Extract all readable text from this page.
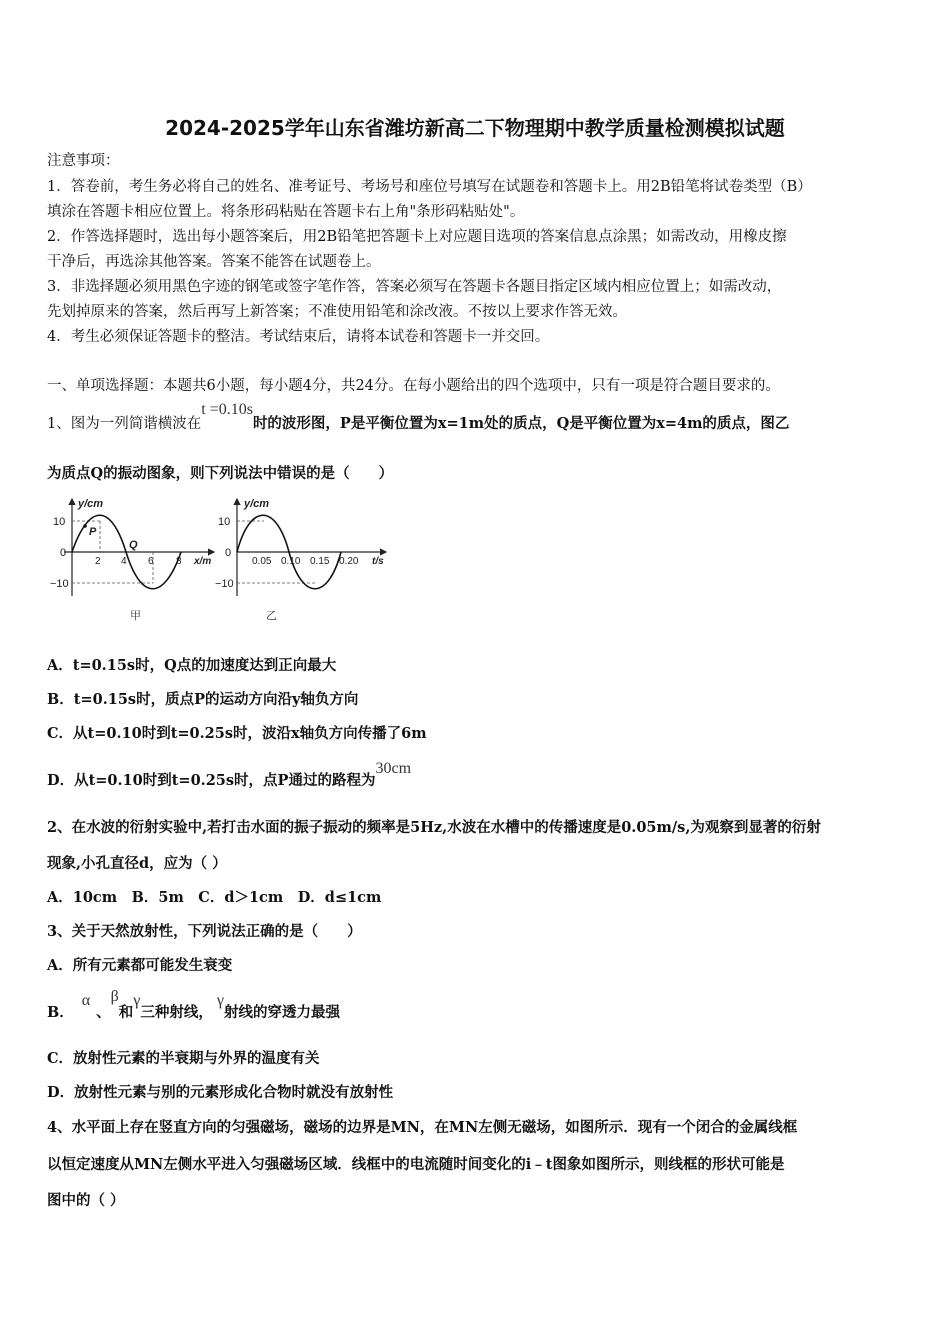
2024-2025学年山东省潍坊新高二下物理期中教学质量检测模拟试题
注意事项：
1．答卷前，考生务必将自己的姓名、准考证号、考场号和座位号填写在试题卷和答题卡上。用2B铅笔将试卷类型（B）
填涂在答题卡相应位置上。将条形码粘贴在答题卡右上角"条形码粘贴处"。
2．作答选择题时，选出每小题答案后，用2B铅笔把答题卡上对应题目选项的答案信息点涂黑；如需改动，用橡皮擦
干净后，再选涂其他答案。答案不能答在试题卷上。
3．非选择题必须用黑色字迹的钢笔或签字笔作答，答案必须写在答题卡各题目指定区域内相应位置上；如需改动，
先划掉原来的答案，然后再写上新答案；不准使用铅笔和涂改液。不按以上要求作答无效。
4．考生必须保证答题卡的整洁。考试结束后，请将本试卷和答题卡一并交回。
一、单项选择题：本题共6小题，每小题4分，共24分。在每小题给出的四个选项中，只有一项是符合题目要求的。
1、图为一列简谐横波在t =0.10s时的波形图，P是平衡位置为x=1m处的质点，Q是平衡位置为x=4m的质点，图乙
为质点Q的振动图象，则下列说法中错误的是（　　）
y/cm
x/m
10
0
−10
2 4 6 8
P
Q
甲
y/cm
t/s
10
0
−10
0.05 0.10 0.15 0.20
乙
A．t=0.15s时，Q点的加速度达到正向最大
B．t=0.15s时，质点P的运动方向沿y轴负方向
C．从t=0.10时到t=0.25s时，波沿x轴负方向传播了6m
D．从t=0.10时到t=0.25s时，点P通过的路程为30cm
2、在水波的衍射实验中,若打击水面的振子振动的频率是5Hz,水波在水槽中的传播速度是0.05m/s,为观察到显著的衍射
现象,小孔直径d，应为（ ）
A．10cm　B．5m　C．d＞1cm　D．d≤1cm
3、关于天然放射性，下列说法正确的是（　　）
A．所有元素都可能发生衰变
B．α、β和γ三种射线，γ射线的穿透力最强
C．放射性元素的半衰期与外界的温度有关
D．放射性元素与别的元素形成化合物时就没有放射性
4、水平面上存在竖直方向的匀强磁场，磁场的边界是MN，在MN左侧无磁场，如图所示．现有一个闭合的金属线框
以恒定速度从MN左侧水平进入匀强磁场区域．线框中的电流随时间变化的i﹣t图象如图所示，则线框的形状可能是
图中的（ ）
